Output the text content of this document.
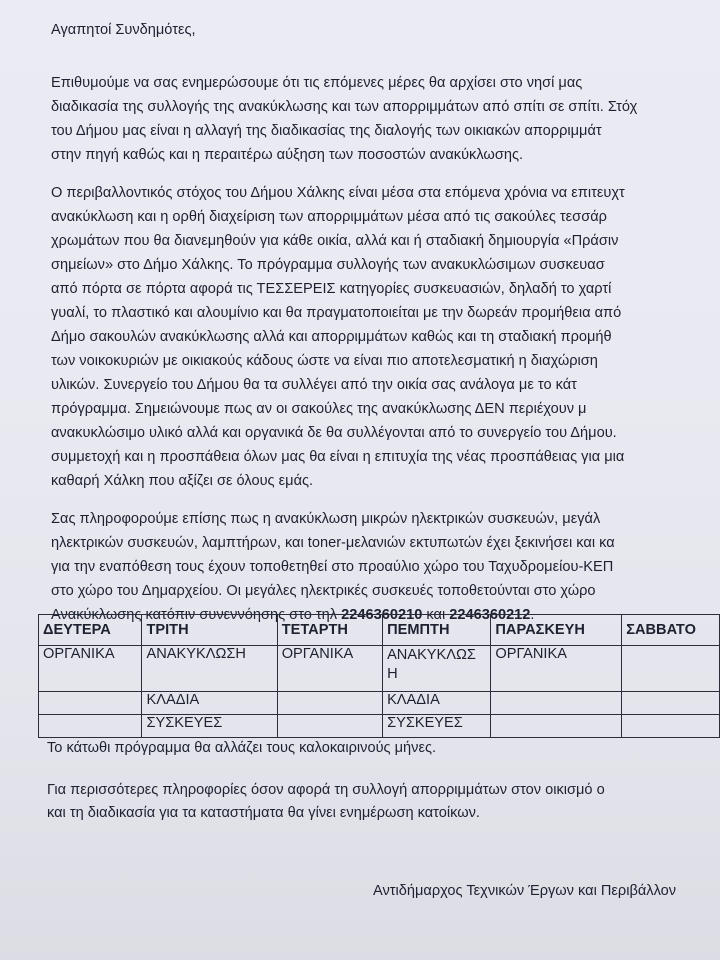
Αγαπητοί Συνδημότες,
Επιθυμούμε να σας ενημερώσουμε ότι τις επόμενες μέρες θα αρχίσει στο νησί μας
διαδικασία της συλλογής της ανακύκλωσης και των απορριμμάτων από σπίτι σε σπίτι. Στόχ
του Δήμου μας είναι η αλλαγή της διαδικασίας της διαλογής των οικιακών απορριμμάτ
στην πηγή καθώς και η περαιτέρω αύξηση των ποσοστών ανακύκλωσης.
Ο περιβαλλοντικός στόχος του Δήμου Χάλκης είναι μέσα στα επόμενα χρόνια να επιτευχτ
ανακύκλωση και η ορθή διαχείριση των απορριμμάτων μέσα από τις σακούλες τεσσάρ
χρωμάτων που θα διανεμηθούν για κάθε οικία, αλλά και ή σταδιακή δημιουργία «Πράσιν
σημείων» στο Δήμο Χάλκης. Το πρόγραμμα συλλογής των ανακυκλώσιμων συσκευασ
από πόρτα σε πόρτα αφορά τις ΤΕΣΣΕΡΕΙΣ κατηγορίες συσκευασιών, δηλαδή το χαρτί
γυαλί, το πλαστικό και αλουμίνιο και θα πραγματοποιείται με την δωρεάν προμήθεια από
Δήμο σακουλών ανακύκλωσης αλλά και απορριμμάτων καθώς και τη σταδιακή προμήθ
των νοικοκυριών με οικιακούς κάδους ώστε να είναι πιο αποτελεσματική η διαχώριση
υλικών. Συνεργείο του Δήμου θα τα συλλέγει από την οικία σας ανάλογα με το κάτ
πρόγραμμα. Σημειώνουμε πως αν οι σακούλες της ανακύκλωσης ΔΕΝ περιέχουν μ
ανακυκλώσιμο υλικό αλλά και οργανικά δε θα συλλέγονται από το συνεργείο του Δήμου.
συμμετοχή και η προσπάθεια όλων μας θα είναι η επιτυχία της νέας προσπάθειας για μια
καθαρή Χάλκη που αξίζει σε όλους εμάς.
Σας πληροφορούμε επίσης πως η ανακύκλωση μικρών ηλεκτρικών συσκευών, μεγάλ
ηλεκτρικών συσκευών, λαμπτήρων, και toner-μελανιών εκτυπωτών έχει ξεκινήσει και κα
για την εναπόθεση τους έχουν τοποθετηθεί στο προαύλιο χώρο του Ταχυδρομείου-ΚΕΠ
στο χώρο του Δημαρχείου. Οι μεγάλες ηλεκτρικές συσκευές τοποθετούνται στο χώρο
Ανακύκλωσης κατόπιν συνεννόησης στο τηλ 2246360210 και 2246360212.
ΔΕΥΤΕΡΑ	ΤΡΙΤΗ	ΤΕΤΑΡΤΗ	ΠΕΜΠΤΗ	ΠΑΡΑΣΚΕΥΗ	ΣΑΒΒΑΤΟ
ΟΡΓΑΝΙΚΑ	ΑΝΑΚΥΚΛΩΣΗ	ΟΡΓΑΝΙΚΑ	ΑΝΑΚΥΚΛΩΣ Η	ΟΡΓΑΝΙΚΑ	
	ΚΛΑΔΙΑ		ΚΛΑΔΙΑ		
	ΣΥΣΚΕΥΕΣ		ΣΥΣΚΕΥΕΣ		
Το κάτωθι πρόγραμμα θα αλλάζει τους καλοκαιρινούς μήνες.
Για περισσότερες πληροφορίες όσον αφορά τη συλλογή απορριμμάτων στον οικισμό ο
και τη διαδικασία για τα καταστήματα θα γίνει ενημέρωση κατοίκων.
Αντιδήμαρχος Τεχνικών Έργων και Περιβάλλον
